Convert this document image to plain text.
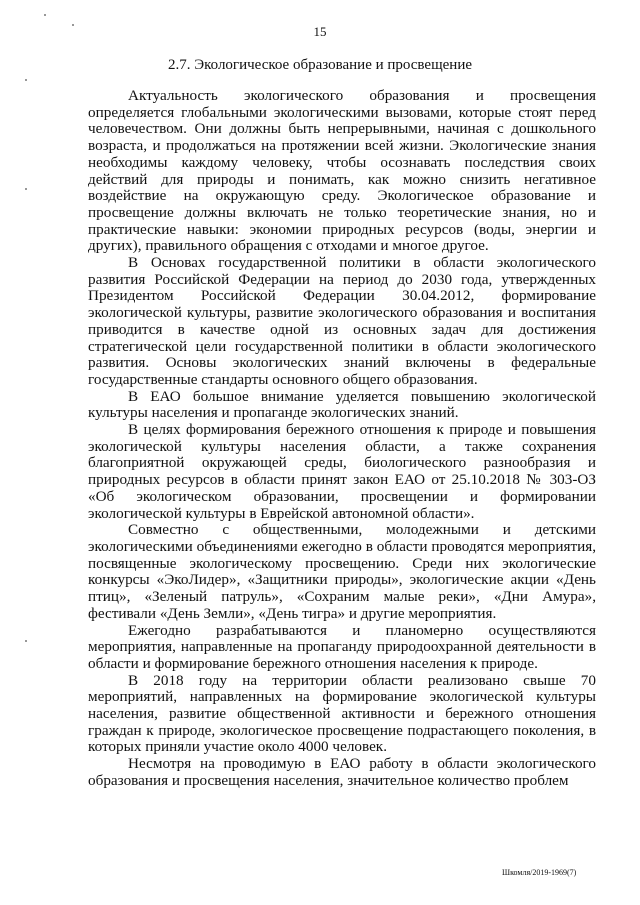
15
2.7. Экологическое образование и просвещение

Актуальность экологического образования и просвещения определяется глобальными экологическими вызовами, которые стоят перед человечеством. Они должны быть непрерывными, начиная с дошкольного возраста, и продолжаться на протяжении всей жизни. Экологические знания необходимы каждому человеку, чтобы осознавать последствия своих действий для природы и понимать, как можно снизить негативное воздействие на окружающую среду. Экологическое образование и просвещение должны включать не только теоретические знания, но и практические навыки: экономии природных ресурсов (воды, энергии и других), правильного обращения с отходами и многое другое.

В Основах государственной политики в области экологического развития Российской Федерации на период до 2030 года, утвержденных Президентом Российской Федерации 30.04.2012, формирование экологической культуры, развитие экологического образования и воспитания приводится в качестве одной из основных задач для достижения стратегической цели государственной политики в области экологического развития. Основы экологических знаний включены в федеральные государственные стандарты основного общего образования.

В ЕАО большое внимание уделяется повышению экологической культуры населения и пропаганде экологических знаний.

В целях формирования бережного отношения к природе и повышения экологической культуры населения области, а также сохранения благоприятной окружающей среды, биологического разнообразия и природных ресурсов в области принят закон ЕАО от 25.10.2018 № 303-ОЗ «Об экологическом образовании, просвещении и формировании экологической культуры в Еврейской автономной области».

Совместно с общественными, молодежными и детскими экологическими объединениями ежегодно в области проводятся мероприятия, посвященные экологическому просвещению. Среди них экологические конкурсы «ЭкоЛидер», «Защитники природы», экологические акции «День птиц», «Зеленый патруль», «Сохраним малые реки», «Дни Амура», фестивали «День Земли», «День тигра» и другие мероприятия.

Ежегодно разрабатываются и планомерно осуществляются мероприятия, направленные на пропаганду природоохранной деятельности в области и формирование бережного отношения населения к природе.

В 2018 году на территории области реализовано свыше 70 мероприятий, направленных на формирование экологической культуры населения, развитие общественной активности и бережного отношения граждан к природе, экологическое просвещение подрастающего поколения, в которых приняли участие около 4000 человек.

Несмотря на проводимую в ЕАО работу в области экологического образования и просвещения населения, значительное количество проблем

Шкомля/2019-1969(7)
